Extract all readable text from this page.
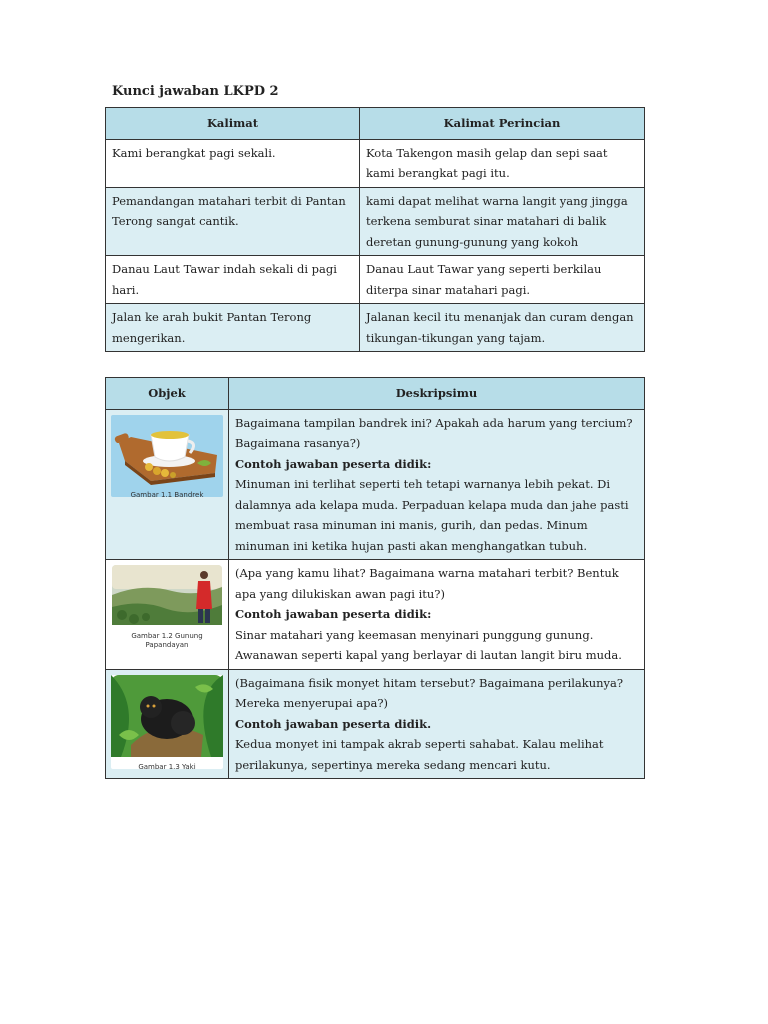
Kunci jawaban LKPD 2
Kalimat	Kalimat Perincian
Kami berangkat pagi sekali.	Kota Takengon masih gelap dan sepi saat kami berangkat pagi itu.
Pemandangan matahari terbit di Pantan Terong sangat cantik.	kami dapat melihat warna langit yang jingga terkena semburat sinar matahari di balik deretan gunung-gunung yang kokoh
Danau Laut Tawar indah sekali di pagi hari.	Danau Laut Tawar yang seperti berkilau diterpa sinar matahari pagi.
Jalan ke arah bukit Pantan Terong mengerikan.	Jalanan kecil itu menanjak dan curam dengan tikungan-tikungan yang tajam.
Objek	Deskripsimu

Gambar 1.1 Bandrek	Bagaimana tampilan bandrek ini? Apakah ada harum yang tercium? Bagaimana rasanya?)

Contoh jawaban peserta didik:

Minuman ini terlihat seperti teh tetapi warnanya lebih pekat. Di dalamnya ada kelapa muda. Perpaduan kelapa muda dan jahe pasti membuat rasa minuman ini manis, gurih, dan pedas. Minum minuman ini ketika hujan pasti akan menghangatkan tubuh.

Gambar 1.2 Gunung Papandayan	(Apa yang kamu lihat? Bagaimana warna matahari terbit? Bentuk apa yang dilukiskan awan pagi itu?)

Contoh jawaban peserta didik:

Sinar matahari yang keemasan menyinari punggung gunung. Awanawan seperti kapal yang berlayar di lautan langit biru muda.

Gambar 1.3 Yaki	(Bagaimana fisik monyet hitam tersebut? Bagaimana perilakunya? Mereka menyerupai apa?)

Contoh jawaban peserta didik.

Kedua monyet ini tampak akrab seperti sahabat. Kalau melihat perilakunya, sepertinya mereka sedang mencari kutu.
